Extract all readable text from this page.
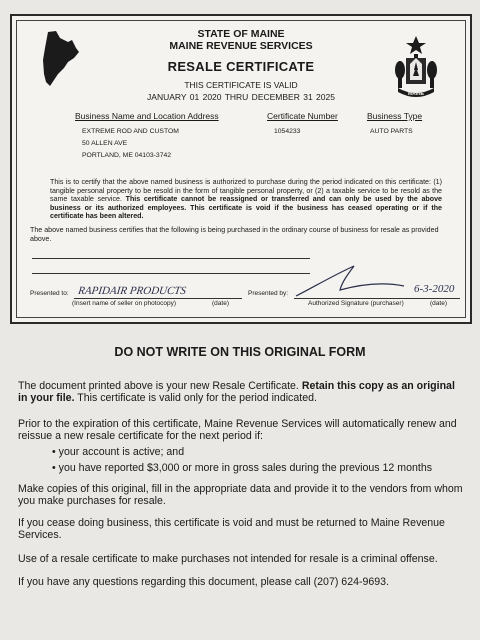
MAINE
STATE OF MAINE
MAINE REVENUE SERVICES
RESALE CERTIFICATE
THIS CERTIFICATE IS VALID
JANUARY 01 2020 THRU DECEMBER 31 2025
Business Name and Location Address	Certificate Number	Business Type
EXTREME ROD AND CUSTOM
50 ALLEN AVE
PORTLAND, ME 04103-3742
1054233	AUTO PARTS
This is to certify that the above named business is authorized to purchase during the period indicated on this certificate: (1) tangible personal property to be resold in the form of tangible personal property, or (2) a taxable service to be resold as the same taxable service. This certificate cannot be reassigned or transferred and can only be used by the above business or its authorized employees. This certificate is void if the business has ceased operating or if the certificate has been altered.
The above named business certifies that the following is being purchased in the ordinary course of business for resale as provided above.
Presented to: RAPIDAIR PRODUCTS
(Insert name of seller on photocopy)	(date)
Presented by:	6-3-2020
Authorized Signature (purchaser)	(date)
DO NOT WRITE ON THIS ORIGINAL FORM
The document printed above is your new Resale Certificate. Retain this copy as an original in your file. This certificate is valid only for the period indicated.
Prior to the expiration of this certificate, Maine Revenue Services will automatically renew and reissue a new resale certificate for the next period if:
• your account is active; and
• you have reported $3,000 or more in gross sales during the previous 12 months
Make copies of this original, fill in the appropriate data and provide it to the vendors from whom you make purchases for resale.
If you cease doing business, this certificate is void and must be returned to Maine Revenue Services.
Use of a resale certificate to make purchases not intended for resale is a criminal offense.
If you have any questions regarding this document, please call (207) 624-9693.
